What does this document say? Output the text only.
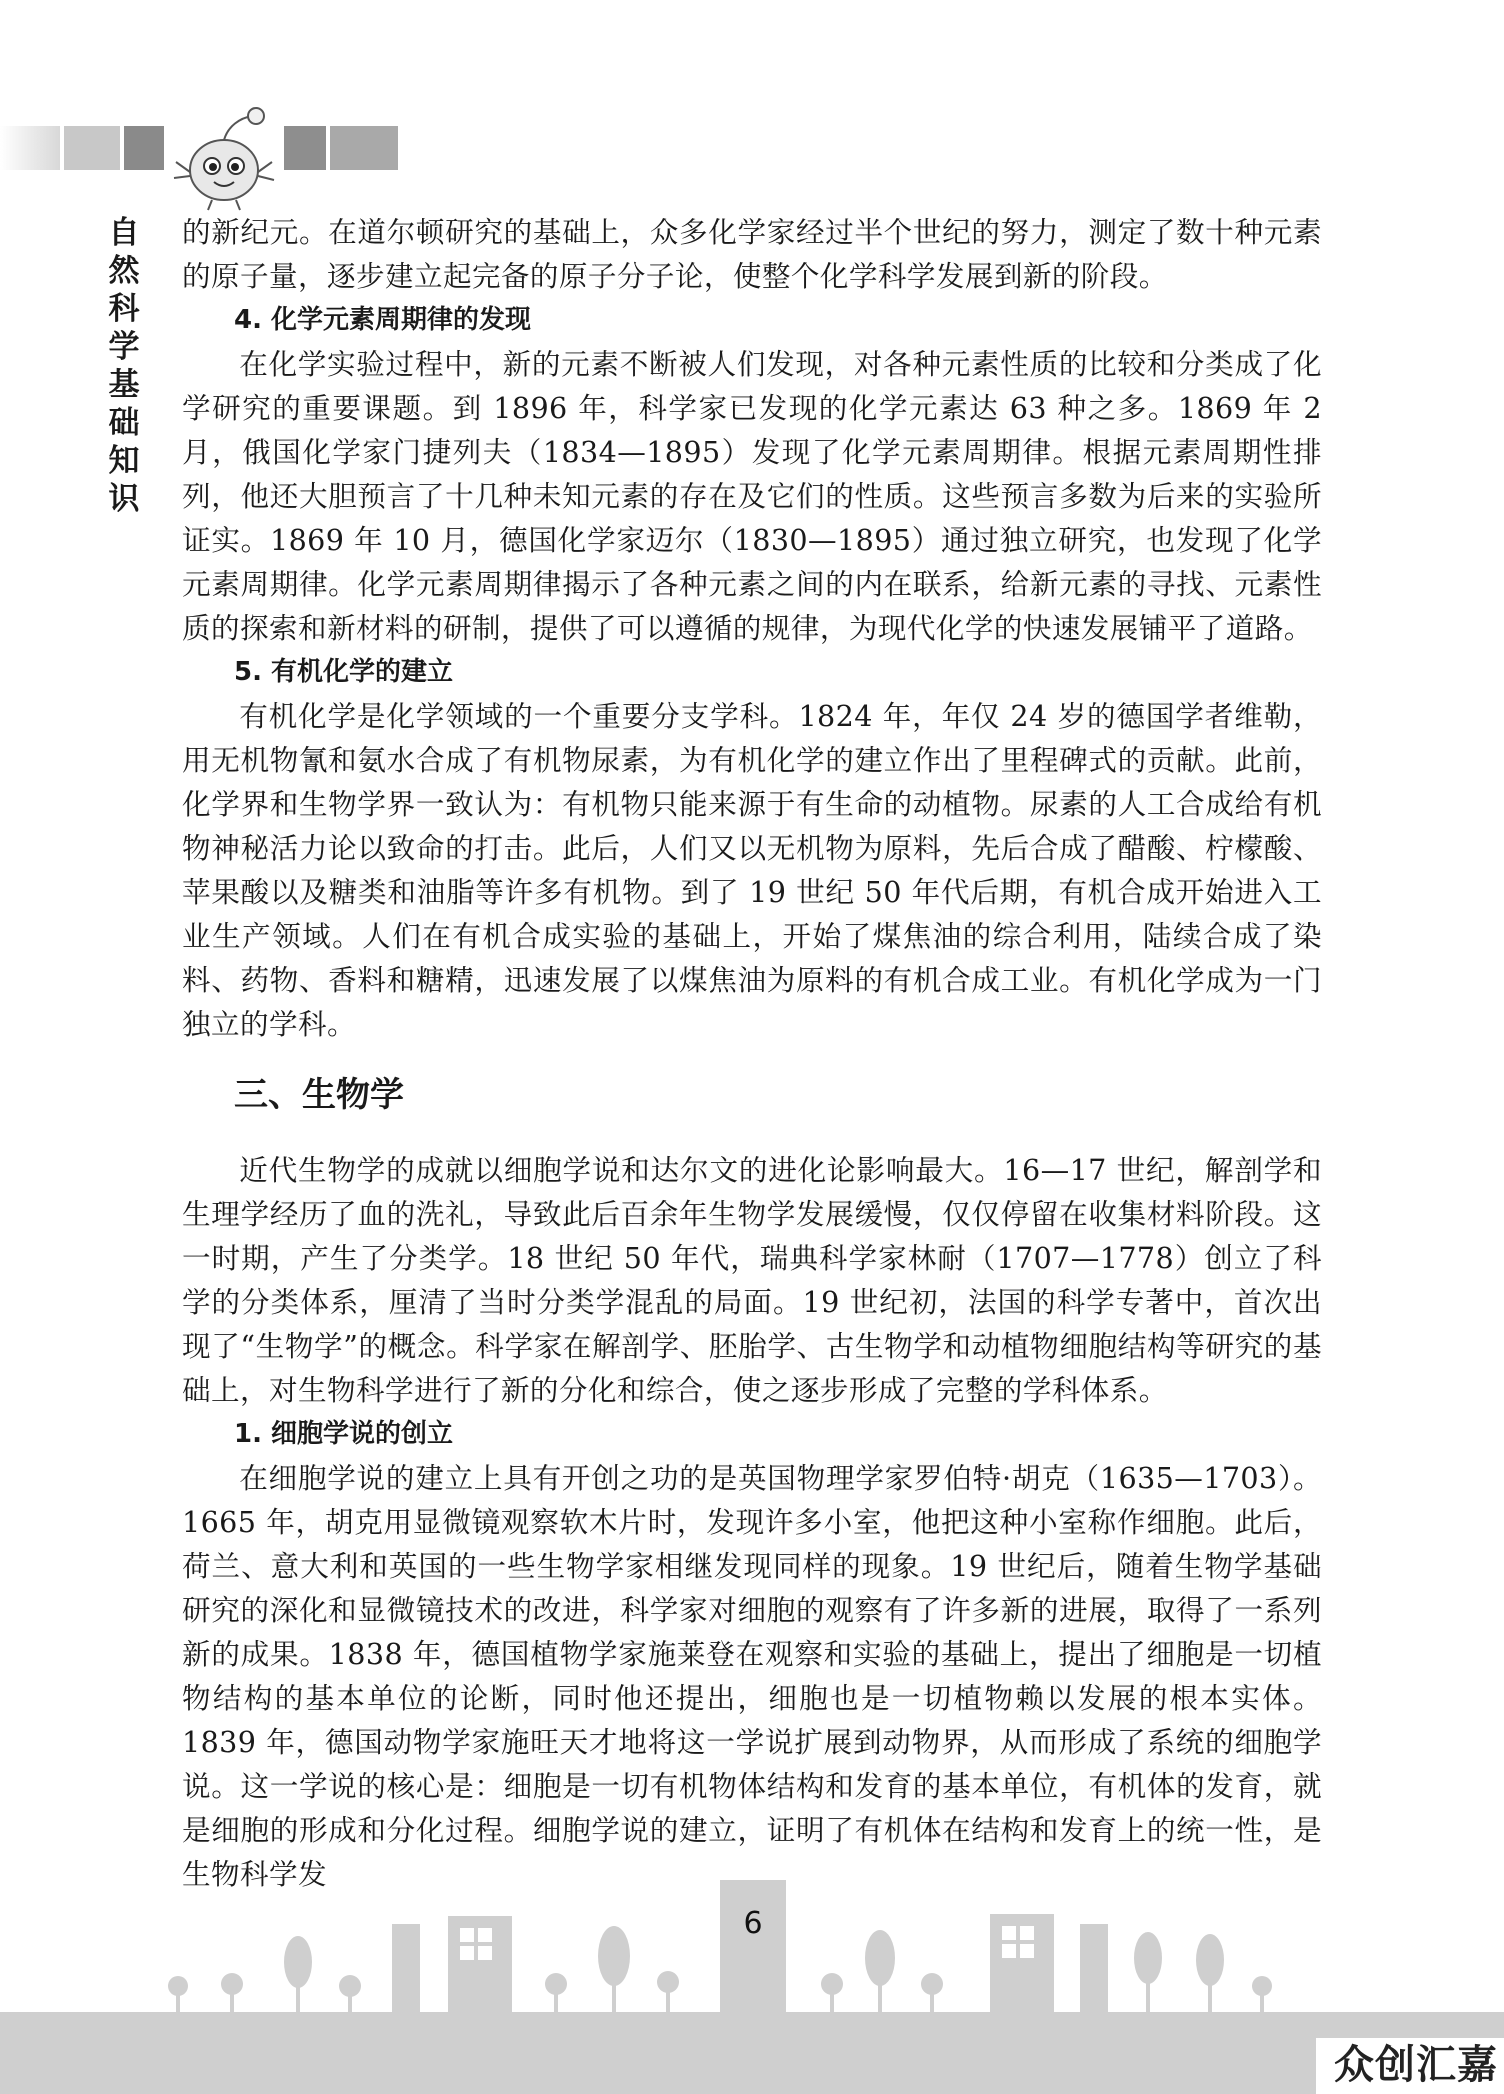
自然科学基础知识

的新纪元。在道尔顿研究的基础上，众多化学家经过半个世纪的努力，测定了数十种元素的原子量，逐步建立起完备的原子分子论，使整个化学科学发展到新的阶段。

4. 化学元素周期律的发现

在化学实验过程中，新的元素不断被人们发现，对各种元素性质的比较和分类成了化学研究的重要课题。到 1896 年，科学家已发现的化学元素达 63 种之多。1869 年 2 月，俄国化学家门捷列夫（1834—1895）发现了化学元素周期律。根据元素周期性排列，他还大胆预言了十几种未知元素的存在及它们的性质。这些预言多数为后来的实验所证实。1869 年 10 月，德国化学家迈尔（1830—1895）通过独立研究，也发现了化学元素周期律。化学元素周期律揭示了各种元素之间的内在联系，给新元素的寻找、元素性质的探索和新材料的研制，提供了可以遵循的规律，为现代化学的快速发展铺平了道路。

5. 有机化学的建立

有机化学是化学领域的一个重要分支学科。1824 年，年仅 24 岁的德国学者维勒，用无机物氰和氨水合成了有机物尿素，为有机化学的建立作出了里程碑式的贡献。此前，化学界和生物学界一致认为：有机物只能来源于有生命的动植物。尿素的人工合成给有机物神秘活力论以致命的打击。此后，人们又以无机物为原料，先后合成了醋酸、柠檬酸、苹果酸以及糖类和油脂等许多有机物。到了 19 世纪 50 年代后期，有机合成开始进入工业生产领域。人们在有机合成实验的基础上，开始了煤焦油的综合利用，陆续合成了染料、药物、香料和糖精，迅速发展了以煤焦油为原料的有机合成工业。有机化学成为一门独立的学科。

三、生物学

近代生物学的成就以细胞学说和达尔文的进化论影响最大。16—17 世纪，解剖学和生理学经历了血的洗礼，导致此后百余年生物学发展缓慢，仅仅停留在收集材料阶段。这一时期，产生了分类学。18 世纪 50 年代，瑞典科学家林耐（1707—1778）创立了科学的分类体系，厘清了当时分类学混乱的局面。19 世纪初，法国的科学专著中，首次出现了“生物学”的概念。科学家在解剖学、胚胎学、古生物学和动植物细胞结构等研究的基础上，对生物科学进行了新的分化和综合，使之逐步形成了完整的学科体系。

1. 细胞学说的创立

在细胞学说的建立上具有开创之功的是英国物理学家罗伯特·胡克（1635—1703）。1665 年，胡克用显微镜观察软木片时，发现许多小室，他把这种小室称作细胞。此后，荷兰、意大利和英国的一些生物学家相继发现同样的现象。19 世纪后，随着生物学基础研究的深化和显微镜技术的改进，科学家对细胞的观察有了许多新的进展，取得了一系列新的成果。1838 年，德国植物学家施莱登在观察和实验的基础上，提出了细胞是一切植物结构的基本单位的论断，同时他还提出，细胞也是一切植物赖以发展的根本实体。1839 年，德国动物学家施旺天才地将这一学说扩展到动物界，从而形成了系统的细胞学说。这一学说的核心是：细胞是一切有机物体结构和发育的基本单位，有机体的发育，就是细胞的形成和分化过程。细胞学说的建立，证明了有机体在结构和发育上的统一性，是生物科学发

6
众创汇嘉
